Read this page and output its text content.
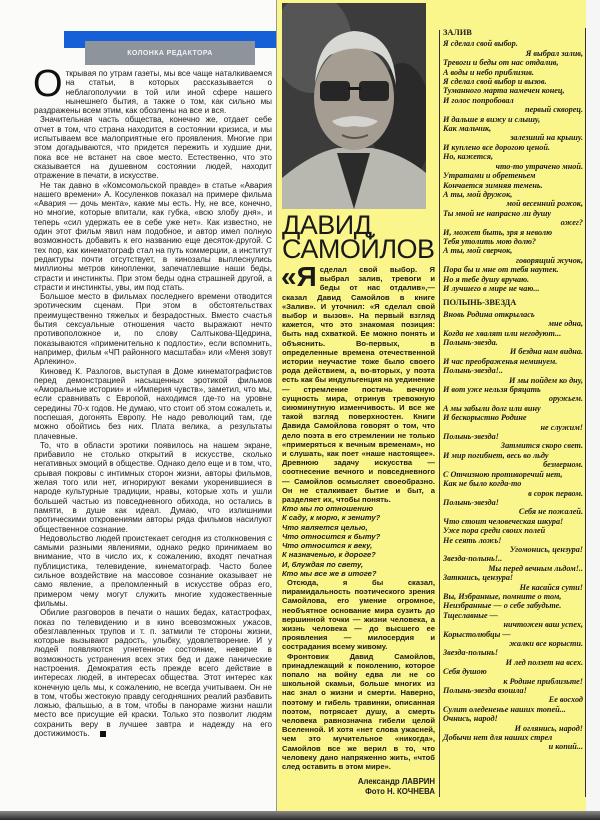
КОЛОНКА РЕДАКТОРА

О ткрывая по утрам газеты, мы все чаще наталкиваемся на статьи, в которых рассказывается о неблагополучии в той или иной сфере нашего нынешнего бытия, а также о том, как сильно мы раздражены всем этим, как обозлены на все и вся.

Значительная часть общества, конечно же, отдает себе отчет в том, что страна находится в состоянии кризиса, и мы испытываем все малоприятные его проявления. Многие при этом догадываются, что придется пережить и худшие дни, пока все не встанет на свое место. Естественно, что это сказывается на душевном состоянии людей, находит отражение в печати, в искусстве.

Не так давно в «Комсомольской правде» в статье «Авария нашего времени» А. Косуленков показал на примере фильма «Авария — дочь мента», какие мы есть. Ну, не все, конечно, но многие, которые впитали, как губка, «всю злобу дня», и теперь «сил удержать ее в себе уже нет». Как известно, не один этот фильм явил нам подобное, и автор имел полную возможность добавить к его названию еще десяток-другой. С тех пор, как кинематограф стал на путь коммерции, а институт редактуры почти отсутствует, в кинозалы выплеснулись миллионы метров кинопленки, запечатлевшие наши беды, страсти и инстинкты. При этом беды одна страшней другой, а страсти и инстинкты, увы, им под стать.

Большое место в фильмах последнего времени отводится эротическим сценам. При этом в обстоятельствах преимущественно тяжелых и безрадостных. Вместо счастья бытия сексуальные отношения часто выражают нечто противоположное и, по слову Салтыкова-Щедрина, показываются «применительно к подлости», если вспомнить, например, фильм «ЧП районного масштаба» или «Меня зовут Арлекино».

Киновед К. Разлогов, выступая в Доме кинематографистов перед демонстрацией насыщенных эротикой фильмов «Аморальные истории» и «Империя чувств», заметил, что мы, если сравнивать с Европой, находимся где-то на уровне середины 70-х годов. Не думаю, что стоит об этом сожалеть и, поспешая, догонять Европу. Не надо революций там, где можно обойтись без них. Плата велика, а результаты плачевные.

То, что в области эротики появилось на нашем экране, прибавило не столько открытий в искусстве, сколько негативных эмоций в обществе. Однако дело еще и в том, что, срывая покровы с интимных сторон жизни, авторы фильмов, желая того или нет, игнорируют веками укоренившиеся в народе культурные традиции, нравы, которые хоть и ушли большей частью из повседневного обихода, но остались в памяти, в душе как идеал. Думаю, что излишними эротическими откровениями авторы ряда фильмов насилуют общественное сознание.

Недовольство людей проистекает сегодня из столкновения с самыми разными явлениями, однако редко принимаем во внимание, что в число их, к сожалению, входят печатная публицистика, телевидение, кинематограф. Часто более сильное воздействие на массовое сознание оказывает не само явление, а преломленный в искусстве образ его, примером чему могут служить многие художественные фильмы.

Обилие разговоров в печати о наших бедах, катастрофах, показ по телевидению и в кино всевозможных ужасов, обезглавленных трупов и т. п. затмили те стороны жизни, которые вызывают радость, улыбку, удовлетворение. И у людей появляются угнетенное состояние, неверие в возможность устранения всех этих бед и даже панические настроения. Демократия есть прежде всего действие в интересах людей, в интересах общества. Этот интерес как конечную цель мы, к сожалению, не всегда учитываем. Он не в том, чтобы жестокую правду сегодняшних реалий разбавить ложью, фальшью, а в том, чтобы в панораме жизни нашли место все присущие ей краски. Только это позволит людям сохранить веру в лучшее завтра и надежду на его достижимость.

ДАВИД
САМОЙЛОВ

«Я сделал свой выбор. Я выбрал залив, тревоги и беды от нас отдалив»,— сказал Давид Самойлов в книге «Залив». И уточнил: «Я сделал свой выбор и вызов». На первый взгляд кажется, что это знакомая позиция: быть над схваткой. Ее можно понять и объяснить. Во-первых, в определенные времена отечественной истории неучастие тоже было своего рода действием, а, во-вторых, у поэта есть как бы индульгенция на уединение — стремление постичь вечную сущность мира, отринув тревожную сиюминутную изменчивость. И все же такой взгляд поверхностен. Книги Давида Самойлова говорят о том, что дело поэта в его стремлении не только «примеряться к вечным временам», но и слушать, как поет «наше настоящее». Древнюю задачу искусства — соотнесение вечного и повседневного — Самойлов осмысляет своеобразно. Он не сталкивает бытие и быт, а разделяет их, чтобы понять.

Кто мы по отношению
К саду, к морю, к зениту?
Что является целью,
Что относится к быту?
Что относится к веку,
К назначенью, к дороге?
И, блуждая по свету,
Кто мы все же в итоге?

Отсюда, я бы сказал, пирамидальность поэтического зрения Самойлова, его умение огромное, необъятное основание мира сузить до вершинной точки — жизни человека, а жизнь человека — до высшего ее проявления — милосердия и сострадания всему живому.

Фронтовик Давид Самойлов, принадлежащий к поколению, которое попало на войну едва ли не со школьной скамьи, больше многих из нас знал о жизни и смерти. Наверно, поэтому и гибель травинки, описанная поэтом, потрясает душу, а смерть человека равнозначна гибели целой Вселенной. И хотя «нет слова ужасней, чем это мучительное «никогда», Самойлов все же верил в то, что человеку дано напряженно жить, «чтоб след оставить в этом мире».

Александр ЛАВРИН
Фото Н. КОЧНЕВА
ЗАЛИВ
Я сделал свой выбор.
Я выбрал залив,
Тревоги и беды от нас отдалив,
А воды и небо приблизив.
Я сделал свой выбор и вызов.
Туманного марта намечен конец,
И голос попробовал
первый скворец.
И дальше я вижу и слышу,
Как мальчик,
залезший на крышу.
И куплено все дорогою ценой.
Но, кажется,
что-то утрачено мной.
Утратами и обретеньем
Кончается зимняя темень.
А ты, мой дружок,
мой весенний рожок,
Ты мной не напрасно ли душу
ожег?
И, может быть, зря я неволю
Тебя утолить мою долю?
А ты, мой сверчок,
говорящий жучок,
Пора бы и мне от тебя наутек.
Но я тебе душу вручаю.
И лучшего в мире не чаю...
ПОЛЫНЬ-ЗВЕЗДА
Вновь Родина открылась
мне одна,
Когда не хвалят или негодуют...
Полынь-звезда.
И бездна нам видна.
И час преображенья неминуем.
Полынь-звезда!..
И мы пойдем ко дну,
И вот уже нельзя бряцать
оружьем.
А мы забыли долг или вину
И бескорыстно Родине
не служим!
Полынь-звезда!
Затмится скоро свет.
И мир погибнет, весь во льду
безмерном.
С Отчизною противоречий нет,
Как не было когда-то
в сорок первом.
Полынь-звезда!
Себя не пожалей.
Что стоит человеческая шкура!
Уже пора среди своих полей
Не сеять ложь!
Угомонись, цензура!
Звезда-полынь!..
Мы перед вечным льдом!..
Заткнись, цензура!
Не касайся сути!
Вы, Избранные, помните о том,
Неизбранные — о себе забудьте.
Тщеславные —
ничтожен ваш успех,
Корыстолюбцы —
жалки все корысти.
Звезда-полынь!
И лед ползет на всех.
Себя душою
к Родине приблизьте!
Полынь-звезда взошла!
Ее восход
Сулит оледененье наших топей...
Очнись, народ!
И оглянись, народ!
Добычи нет для наших стрел
и копий...
